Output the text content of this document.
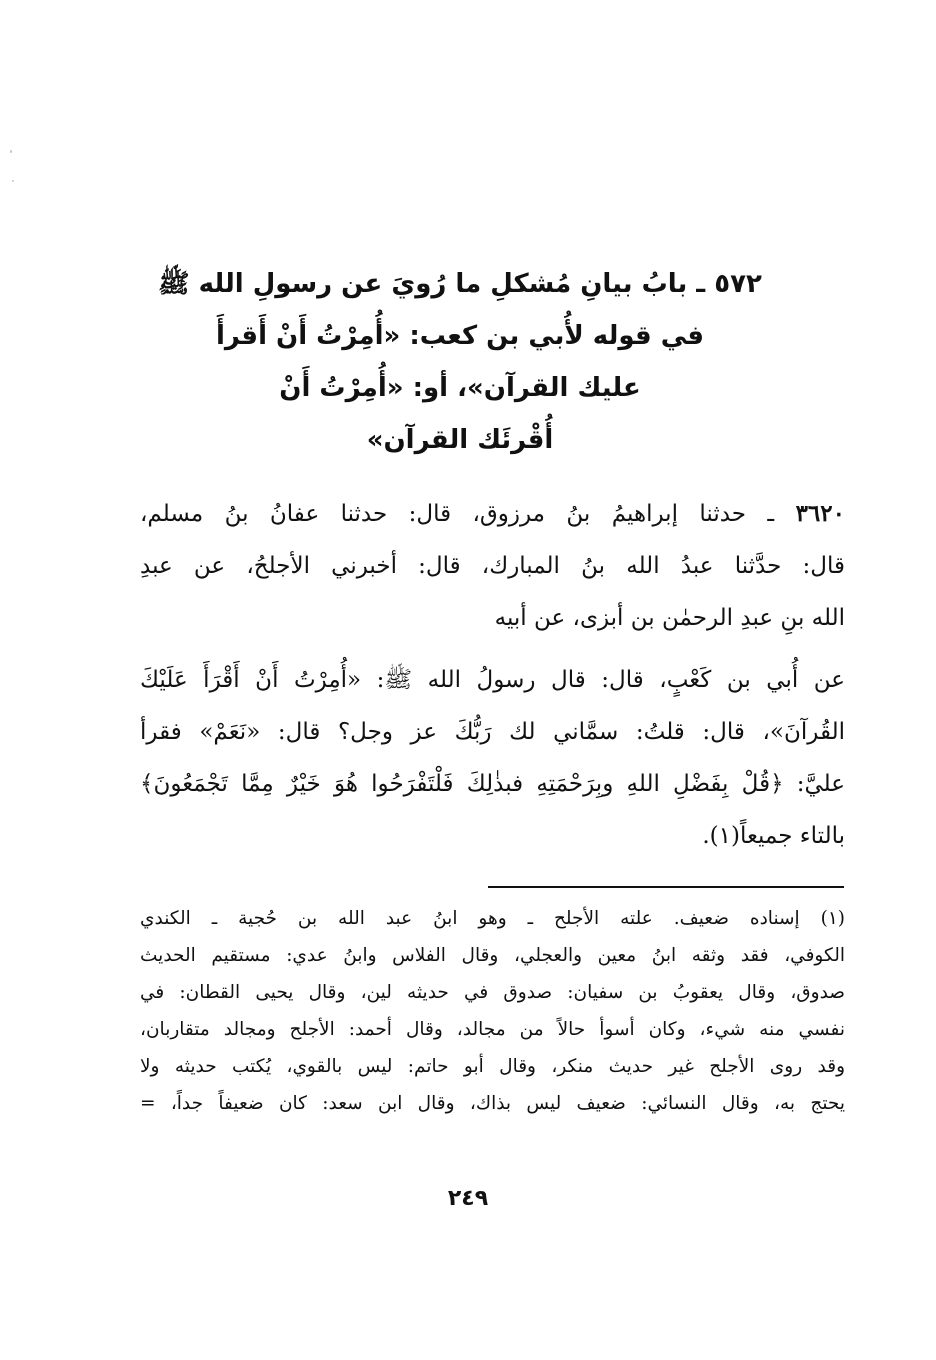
٥٧٢ ـ بابُ بيانِ مُشكلِ ما رُويَ عن رسولِ الله ﷺ
في قوله لأُبي بن كعب: «أُمِرْتُ أَنْ أَقرأَ
عليك القرآن»، أو: «أُمِرْتُ أَنْ
أُقْرئَك القرآن»
٣٦٢٠ ـ حدثنا إبراهيمُ بنُ مرزوق، قال: حدثنا عفانُ بنُ مسلم،
قال: حدَّثنا عبدُ الله بنُ المبارك، قال: أخبرني الأجلحُ، عن عبدِ
الله بنِ عبدِ الرحمٰن بن أبزى، عن أبيه
عن أُبي بن كَعْبٍ، قال: قال رسولُ الله ﷺ: «أُمِرْتُ أَنْ أَقْرَأَ عَلَيْكَ
القُرآنَ»، قال: قلتُ: سمَّاني لك رَبُّكَ عز وجل؟ قال: «نَعَمْ» فقرأ
عليَّ: ﴿قُلْ بِفَضْلِ اللهِ وبِرَحْمَتِهِ فبذٰلِكَ فَلْتَفْرَحُوا هُوَ خَيْرٌ مِمَّا تَجْمَعُونَ﴾
بالتاء جميعاً(١).
(١) إسناده ضعيف. علته الأجلح ـ وهو ابنُ عبد الله بن حُجية ـ الكندي
الكوفي، فقد وثقه ابنُ معين والعجلي، وقال الفلاس وابنُ عدي: مستقيم الحديث
صدوق، وقال يعقوبُ بن سفيان: صدوق في حديثه لين، وقال يحيى القطان: في
نفسي منه شيء، وكان أسوأ حالاً من مجالد، وقال أحمد: الأجلح ومجالد متقاربان،
وقد روى الأجلح غير حديث منكر، وقال أبو حاتم: ليس بالقوي، يُكتب حديثه ولا
يحتج به، وقال النسائي: ضعيف ليس بذاك، وقال ابن سعد: كان ضعيفاً جداً، =
٢٤٩
